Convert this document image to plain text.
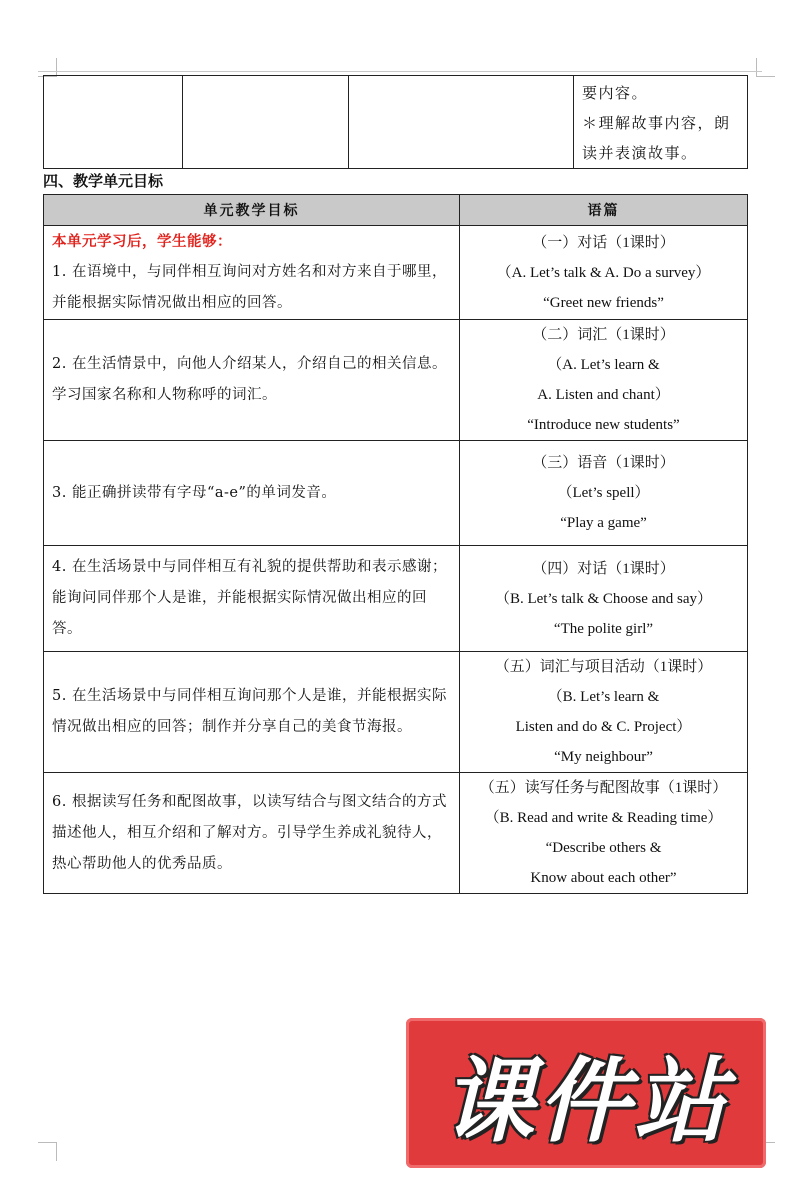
要内容。
＊理解故事内容，朗
读并表演故事。
四、教学单元目标
单元教学目标	语篇

本单元学习后，学生能够：
1. 在语境中，与同伴相互询问对方姓名和对方来自于哪里，并能根据实际情况做出相应的回答。	（一）对话（1课时）
（A. Let’s talk & A. Do a survey）
“Greet new friends”

2. 在生活情景中，向他人介绍某人，介绍自己的相关信息。学习国家名称和人物称呼的词汇。	（二）词汇（1课时）
（A. Let’s learn &
A. Listen and chant）
“Introduce new students”

3. 能正确拼读带有字母“a-e”的单词发音。	（三）语音（1课时）
（Let’s spell）
“Play a game”

4. 在生活场景中与同伴相互有礼貌的提供帮助和表示感谢；能询问同伴那个人是谁，并能根据实际情况做出相应的回答。	（四）对话（1课时）
（B. Let’s talk & Choose and say）
“The polite girl”

5. 在生活场景中与同伴相互询问那个人是谁，并能根据实际情况做出相应的回答；制作并分享自己的美食节海报。	（五）词汇与项目活动（1课时）
（B. Let’s learn &
Listen and do & C. Project）
“My neighbour”

6. 根据读写任务和配图故事，以读写结合与图文结合的方式描述他人，相互介绍和了解对方。引导学生养成礼貌待人，热心帮助他人的优秀品质。	（五）读写任务与配图故事（1课时）
（B. Read and write & Reading time）
“Describe others &
Know about each other”
课件站
